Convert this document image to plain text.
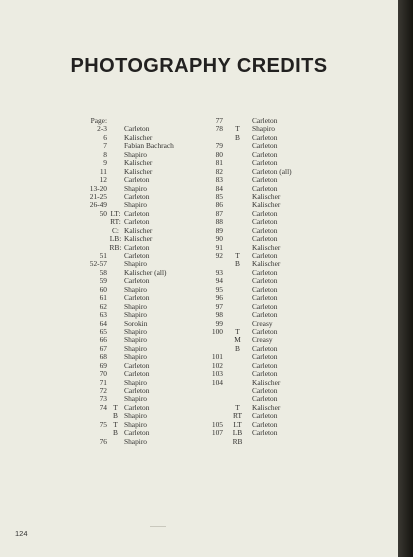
PHOTOGRAPHY CREDITS
Page:
2-3 Carleton
6 Kalischer
7 Fabian Bachrach
8 Shapiro
9 Kalischer
11 Kalischer
12 Carleton
13-20 Shapiro
21-25 Carleton
26-49 Shapiro
50 LT: Carleton
RT: Carleton
C: Kalischer
LB: Kalischer
RB: Carleton
51 Carleton
52-57 Shapiro
58 Kalischer (all)
59 Carleton
60 Shapiro
61 Carleton
62 Shapiro
63 Shapiro
64 Sorokin
65 Shapiro
66 Shapiro
67 Shapiro
68 Shapiro
69 Carleton
70 Carleton
71 Shapiro
72 Carleton
73 Shapiro
74 T Carleton
B Shapiro
75 T Shapiro
B Carleton
76 Shapiro
77	Carleton
78 T Shapiro
B Carleton
79	Carleton
80	Carleton
81	Carleton
82	Carleton (all)
83	Carleton
84	Carleton
85	Kalischer
86	Kalischer
87	Carleton
88	Carleton
89	Carleton
90	Carleton
91	Kalischer
92 T Carleton
B Kalischer
93	Carleton
94	Carleton
95	Carleton
96	Carleton
97	Carleton
98	Carleton
99	Creasy
100 T Carleton
M Creasy
B Carleton
101	Carleton
102	Carleton
103	Carleton
104	Kalischer
Carleton
Carleton
T Kalischer
RT Carleton
105 LT Carleton
107 LB Carleton
RB
124
